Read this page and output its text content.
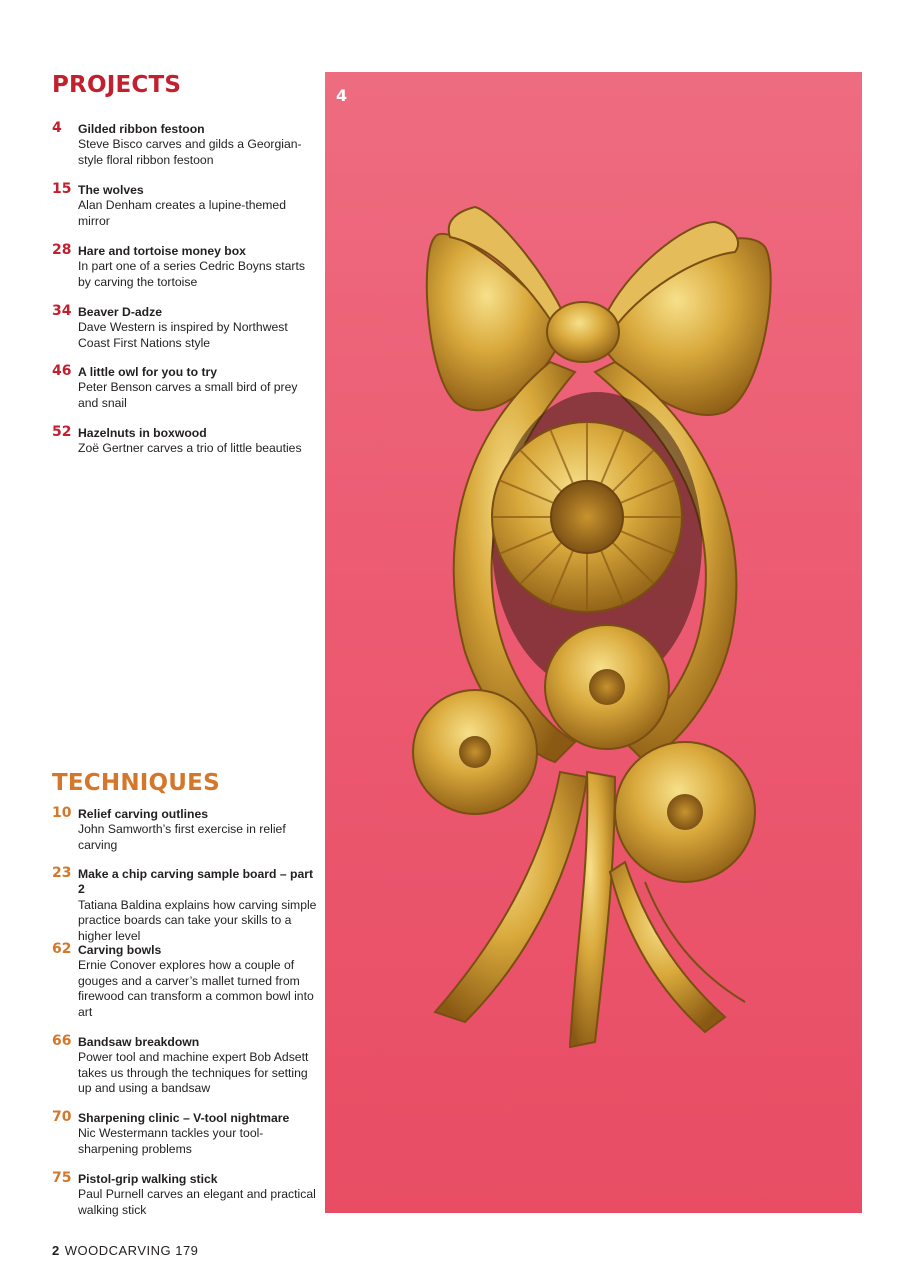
PROJECTS
4 Gilded ribbon festoon
Steve Bisco carves and gilds a Georgian-style floral ribbon festoon
15 The wolves
Alan Denham creates a lupine-themed mirror
28 Hare and tortoise money box
In part one of a series Cedric Boyns starts by carving the tortoise
34 Beaver D-adze
Dave Western is inspired by Northwest Coast First Nations style
46 A little owl for you to try
Peter Benson carves a small bird of prey and snail
52 Hazelnuts in boxwood
Zoë Gertner carves a trio of little beauties
TECHNIQUES
10 Relief carving outlines
John Samworth’s first exercise in relief carving
23 Make a chip carving sample board – part 2
Tatiana Baldina explains how carving simple practice boards can take your skills to a higher level
62 Carving bowls
Ernie Conover explores how a couple of gouges and a carver’s mallet turned from firewood can transform a common bowl into art
66 Bandsaw breakdown
Power tool and machine expert Bob Adsett takes us through the techniques for setting up and using a bandsaw
70 Sharpening clinic – V-tool nightmare
Nic Westermann tackles your tool-sharpening problems
75 Pistol-grip walking stick
Paul Purnell carves an elegant and practical walking stick
4
2 WOODCARVING 179
